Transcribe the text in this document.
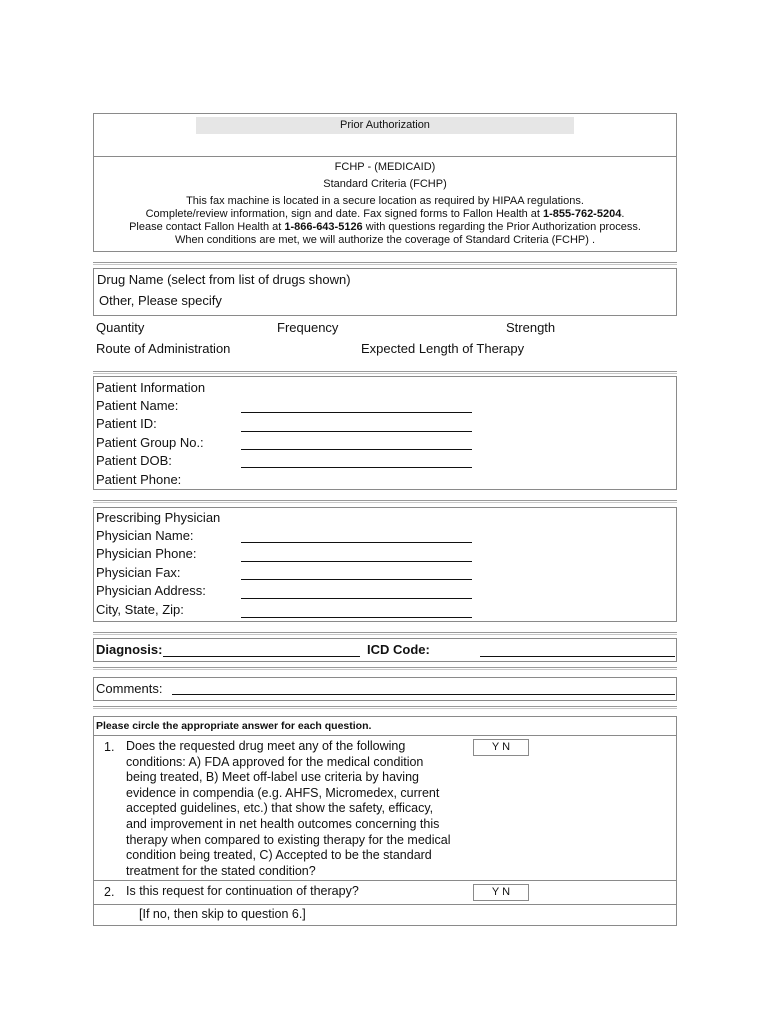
Prior Authorization
FCHP - (MEDICAID)
Standard Criteria (FCHP)
This fax machine is located in a secure location as required by HIPAA regulations.
Complete/review information, sign and date. Fax signed forms to Fallon Health at 1-855-762-5204.
Please contact Fallon Health at 1-866-643-5126 with questions regarding the Prior Authorization process.
When conditions are met, we will authorize the coverage of Standard Criteria (FCHP) .
Drug Name (select from list of drugs shown)
Other, Please specify
Quantity	Frequency	Strength
Route of Administration	Expected Length of Therapy
Patient Information
Patient Name:
Patient ID:
Patient Group No.:
Patient DOB:
Patient Phone:
Prescribing Physician
Physician Name:
Physician Phone:
Physician Fax:
Physician Address:
City, State, Zip:
Diagnosis:	ICD Code:
Comments:
Please circle the appropriate answer for each question.
1. Does the requested drug meet any of the following
conditions: A) FDA approved for the medical condition
being treated, B) Meet off-label use criteria by having
evidence in compendia (e.g. AHFS, Micromedex, current
accepted guidelines, etc.) that show the safety, efficacy,
and improvement in net health outcomes concerning this
therapy when compared to existing therapy for the medical
condition being treated, C) Accepted to be the standard
treatment for the stated condition?
Y N
2. Is this request for continuation of therapy?	Y N
[If no, then skip to question 6.]
